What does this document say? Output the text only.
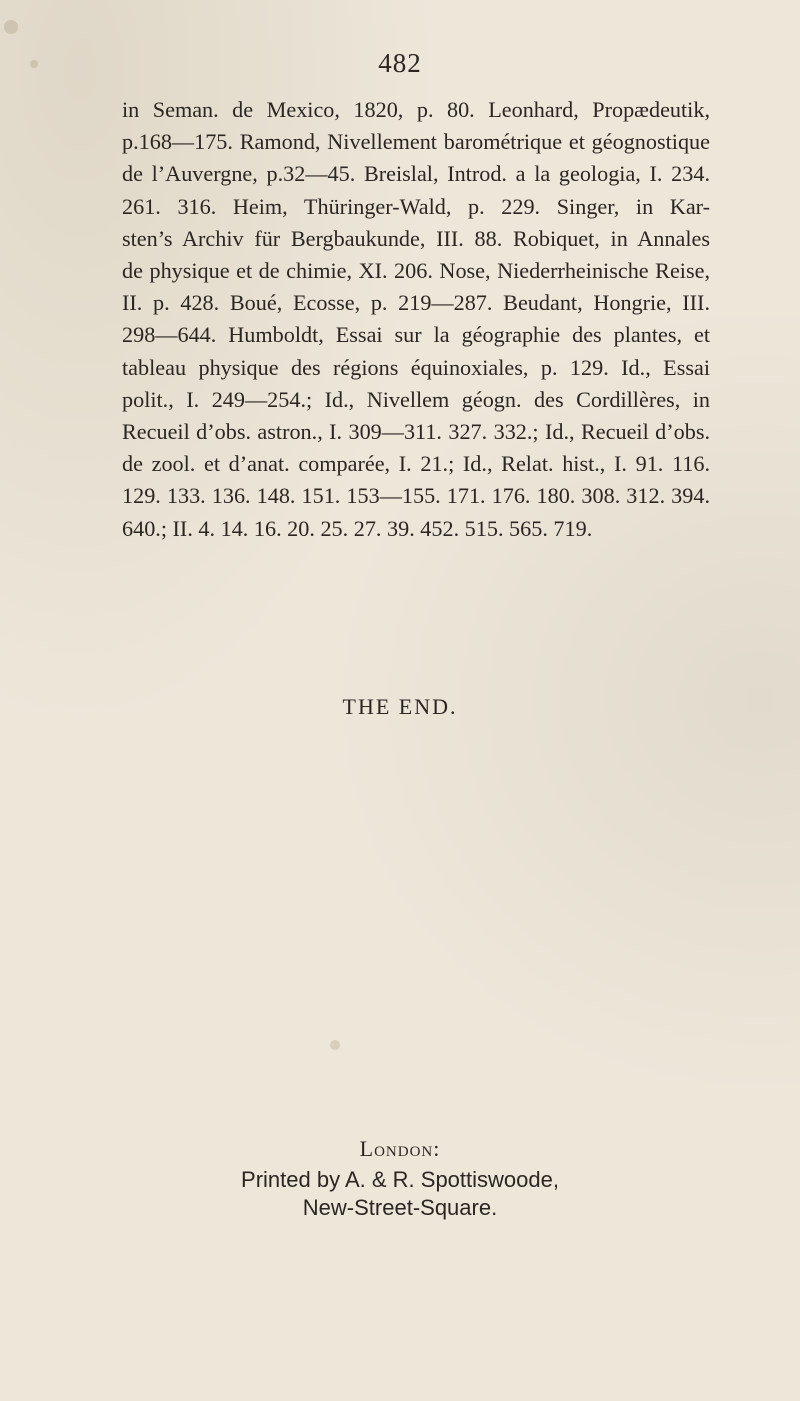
482
in Seman. de Mexico, 1820, p. 80. Leonhard, Propædeutik,
p.168—175. Ramond, Nivellement barométrique et géognostique
de l’Auvergne, p.32—45. Breislal, Introd. a la geologia, I. 234.
261. 316. Heim, Thüringer-Wald, p. 229. Singer, in Kar-
sten’s Archiv für Bergbaukunde, III. 88. Robiquet, in Annales
de physique et de chimie, XI. 206. Nose, Niederrheinische Reise,
II. p. 428. Boué, Ecosse, p. 219—287. Beudant, Hongrie, III.
298—644. Humboldt, Essai sur la géographie des plantes, et
tableau physique des régions équinoxiales, p. 129. Id., Essai
polit., I. 249—254.; Id., Nivellem géogn. des Cordillères, in
Recueil d’obs. astron., I. 309—311. 327. 332.; Id., Recueil d’obs.
de zool. et d’anat. comparée, I. 21.; Id., Relat. hist., I. 91. 116.
129. 133. 136. 148. 151. 153—155. 171. 176. 180. 308. 312. 394.
640.; II. 4. 14. 16. 20. 25. 27. 39. 452. 515. 565. 719.
THE END.
London:
Printed by A. & R. Spottiswoode,
New-Street-Square.
